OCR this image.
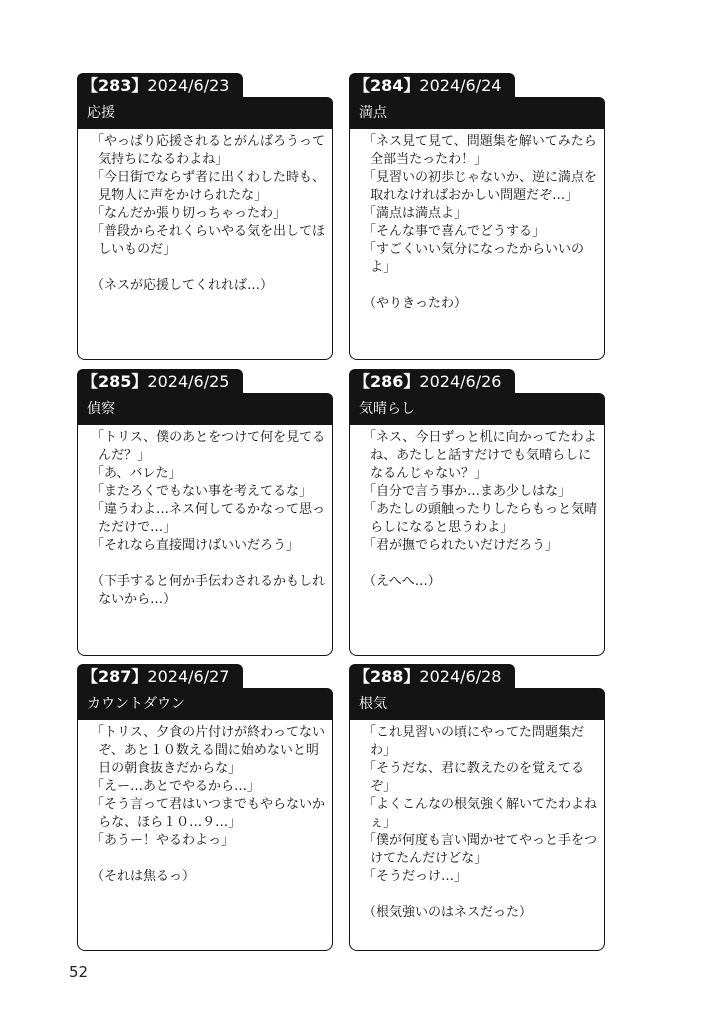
【283】2024/6/23
応援
「やっぱり応援されるとがんばろうって気持ちになるわよね」
「今日街でならず者に出くわした時も、見物人に声をかけられたな」
「なんだか張り切っちゃったわ」
「普段からそれくらいやる気を出してほしいものだ」
（ネスが応援してくれれば…）
【284】2024/6/24
満点
「ネス見て見て、問題集を解いてみたら全部当たったわ！」
「見習いの初歩じゃないか、逆に満点を取れなければおかしい問題だぞ…」
「満点は満点よ」
「そんな事で喜んでどうする」
「すごくいい気分になったからいいのよ」
（やりきったわ）
【285】2024/6/25
偵察
「トリス、僕のあとをつけて何を見てるんだ？」
「あ、バレた」
「またろくでもない事を考えてるな」
「違うわよ…ネス何してるかなって思っただけで…」
「それなら直接聞けばいいだろう」
（下手すると何か手伝わされるかもしれないから…）
【286】2024/6/26
気晴らし
「ネス、今日ずっと机に向かってたわよね、あたしと話すだけでも気晴らしになるんじゃない？」
「自分で言う事か…まあ少しはな」
「あたしの頭触ったりしたらもっと気晴らしになると思うわよ」
「君が撫でられたいだけだろう」
（えへへ…）
【287】2024/6/27
カウントダウン
「トリス、夕食の片付けが終わってないぞ、あと１０数える間に始めないと明日の朝食抜きだからな」
「えー…あとでやるから…」
「そう言って君はいつまでもやらないからな、ほら１０…９…」
「あうー！やるわよっ」
（それは焦るっ）
【288】2024/6/28
根気
「これ見習いの頃にやってた問題集だわ」
「そうだな、君に教えたのを覚えてるぞ」
「よくこんなの根気強く解いてたわよねぇ」
「僕が何度も言い聞かせてやっと手をつけてたんだけどな」
「そうだっけ…」
（根気強いのはネスだった）
52
